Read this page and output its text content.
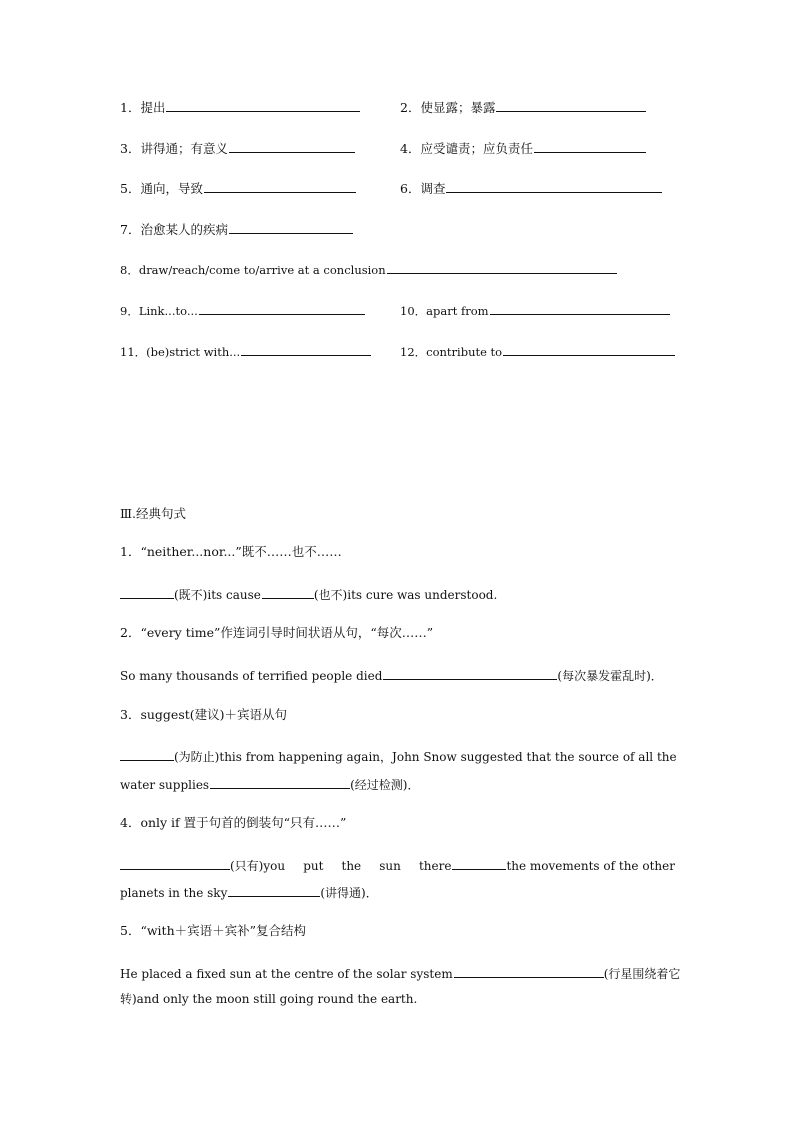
1．提出	2．使显露；暴露
3．讲得通；有意义	4．应受谴责；应负责任
5．通向，导致	6．调查
7．治愈某人的疾病
8．draw/reach/come to/arrive at a conclusion
9．Link...to...	10．apart from
11．(be)strict with...	12．contribute to
Ⅲ.经典句式
1．“neither...nor...”既不……也不……
(既不)its cause	(也不)its cure was understood.
2．“every time”作连词引导时间状语从句，“每次……”
So many thousands of terrified people died	(每次暴发霍乱时)．
3．suggest(建议)＋宾语从句
(为防止)this from happening again，John Snow suggested that the source of all the
water supplies	(经过检测)．
4．only if 置于句首的倒装句“只有……”
(只有)you put the sun there	the movements of the other
planets in the sky	(讲得通)．
5．“with＋宾语＋宾补”复合结构
He placed a fixed sun at the centre of the solar system	(行星围绕着它
转)and only the moon still going round the earth.
